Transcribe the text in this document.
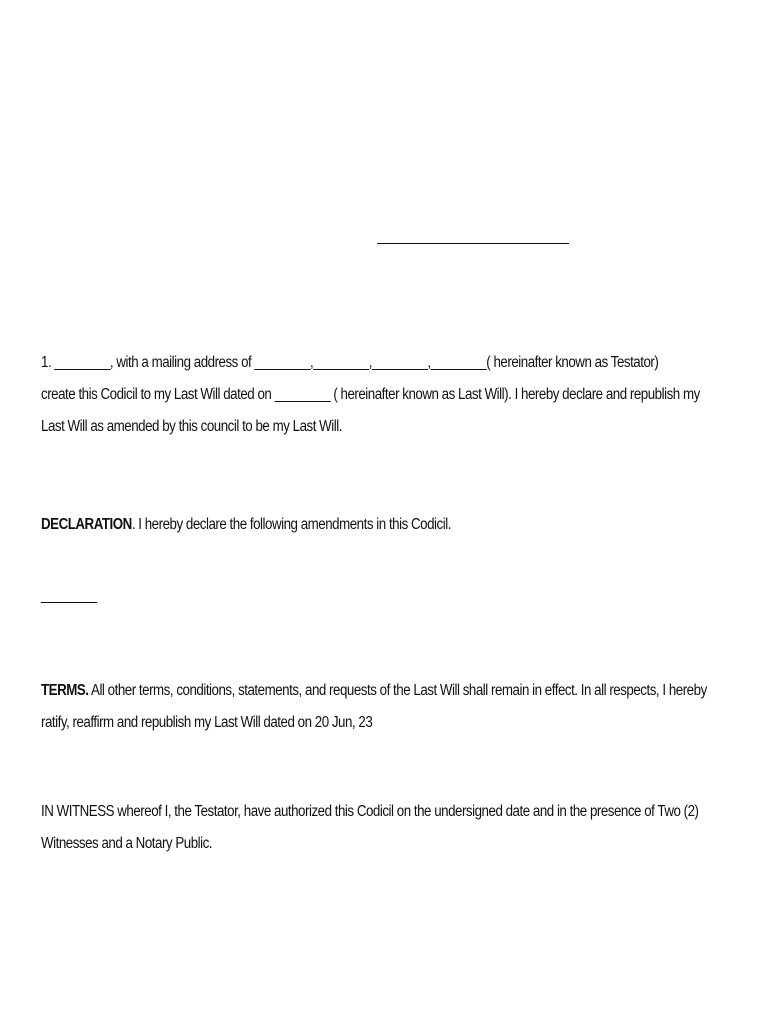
1. ________, with a mailing address of ________,________,________,________( hereinafter known as Testator)
create this Codicil to my Last Will dated on ________ ( hereinafter known as Last Will). I hereby declare and republish my
Last Will as amended by this council to be my Last Will.
DECLARATION. I hereby declare the following amendments in this Codicil.
________
TERMS. All other terms, conditions, statements, and requests of the Last Will shall remain in effect. In all respects, I hereby
ratify, reaffirm and republish my Last Will dated on 20 Jun, 23
IN WITNESS whereof I, the Testator, have authorized this Codicil on the undersigned date and in the presence of Two (2)
Witnesses and a Notary Public.
